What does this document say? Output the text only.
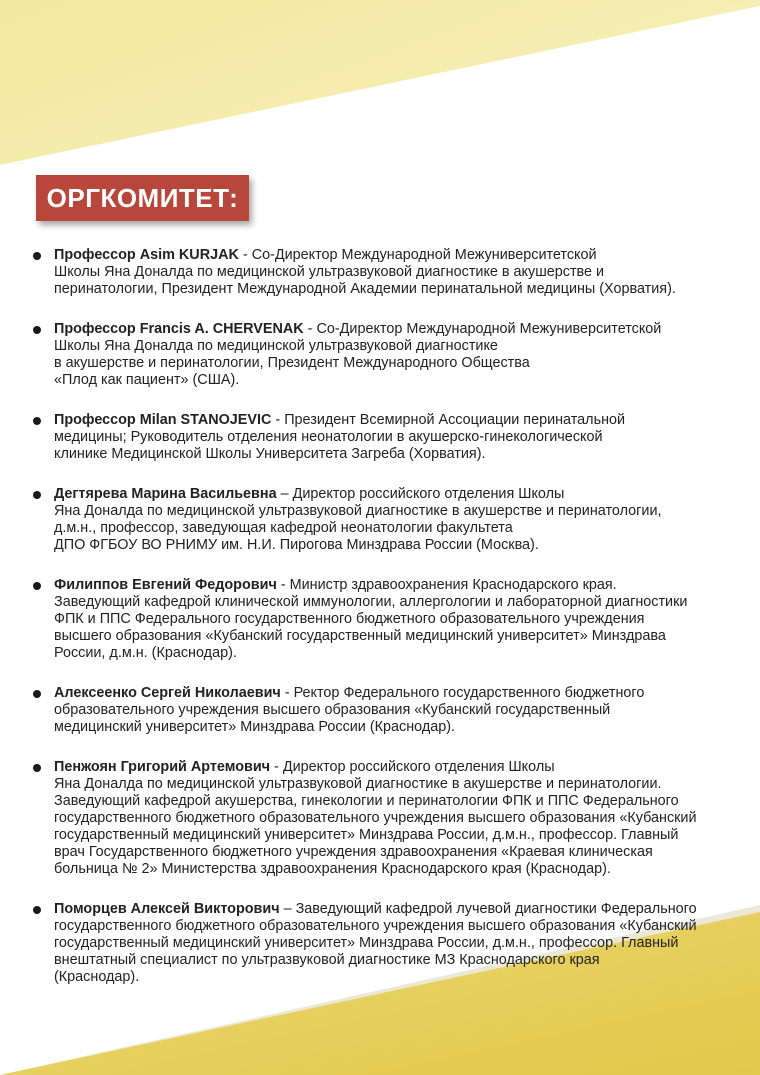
ОРГКОМИТЕТ:
Профессор Asim KURJAK - Со-Директор Международной Межуниверситетской
Школы Яна Доналда по медицинской ультразвуковой диагностике в акушерстве и
перинатологии, Президент Международной Академии перинатальной медицины (Хорватия).
Профессор Francis A. CHERVENAK - Со-Директор Международной Межуниверситетской
Школы Яна Доналда по медицинской ультразвуковой диагностике
в акушерстве и перинатологии, Президент Международного Общества
«Плод как пациент» (США).
Профессор Milan STANOJEVIC - Президент Всемирной Ассоциации перинатальной
медицины; Руководитель отделения неонатологии в акушерско-гинекологической
клинике Медицинской Школы Университета Загреба (Хорватия).
Дегтярева Марина Васильевна – Директор российского отделения Школы
Яна Доналда по медицинской ультразвуковой диагностике в акушерстве и перинатологии,
д.м.н., профессор, заведующая кафедрой неонатологии факультета
ДПО ФГБОУ ВО РНИМУ им. Н.И. Пирогова Минздрава России (Москва).
Филиппов Евгений Федорович - Министр здравоохранения Краснодарского края.
Заведующий кафедрой клинической иммунологии, аллергологии и лабораторной диагностики
ФПК и ППС Федерального государственного бюджетного образовательного учреждения
высшего образования «Кубанский государственный медицинский университет» Минздрава
России, д.м.н. (Краснодар).
Алексеенко Сергей Николаевич - Ректор Федерального государственного бюджетного
образовательного учреждения высшего образования «Кубанский государственный
медицинский университет» Минздрава России (Краснодар).
Пенжоян Григорий Артемович - Директор российского отделения Школы
Яна Доналда по медицинской ультразвуковой диагностике в акушерстве и перинатологии.
Заведующий кафедрой акушерства, гинекологии и перинатологии ФПК и ППС Федерального
государственного бюджетного образовательного учреждения высшего образования «Кубанский
государственный медицинский университет» Минздрава России, д.м.н., профессор. Главный
врач Государственного бюджетного учреждения здравоохранения «Краевая клиническая
больница № 2» Министерства здравоохранения Краснодарского края (Краснодар).
Поморцев Алексей Викторович – Заведующий кафедрой лучевой диагностики Федерального
государственного бюджетного образовательного учреждения высшего образования «Кубанский
государственный медицинский университет» Минздрава России, д.м.н., профессор. Главный
внештатный специалист по ультразвуковой диагностике МЗ Краснодарского края
(Краснодар).
